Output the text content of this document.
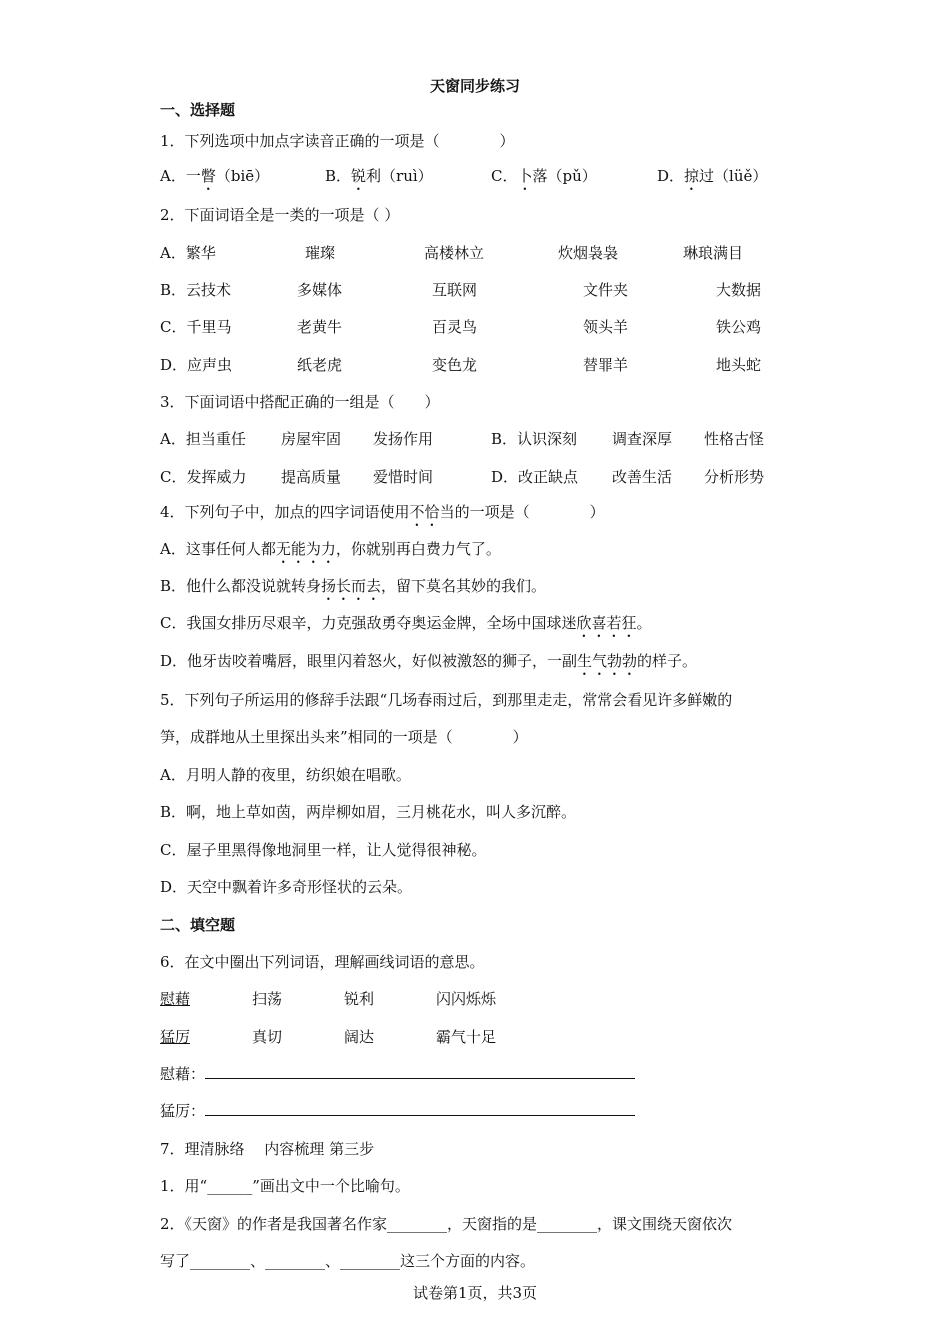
天窗同步练习
一、选择题
1．下列选项中加点字读音正确的一项是（　　　　）
A．一瞥（biē）	B．锐利（ruì）	C．卜落（pǔ）	D．掠过（lüě）
2．下面词语全是一类的一项是（ ）
A．繁华	璀璨	高楼林立	炊烟袅袅	琳琅满目
B．云技术	多媒体	互联网	文件夹	大数据
C．千里马	老黄牛	百灵鸟	领头羊	铁公鸡
D．应声虫	纸老虎	变色龙	替罪羊	地头蛇
3．下面词语中搭配正确的一组是（　　）
A．担当重任 房屋牢固 发扬作用	B．认识深刻 调查深厚 性格古怪
C．发挥威力 提高质量 爱惜时间	D．改正缺点 改善生活 分析形势
4．下列句子中，加点的四字词语使用不恰当的一项是（　　　　）
A．这事任何人都无能为力，你就别再白费力气了。
B．他什么都没说就转身扬长而去，留下莫名其妙的我们。
C．我国女排历尽艰辛，力克强敌勇夺奥运金牌，全场中国球迷欣喜若狂。
D．他牙齿咬着嘴唇，眼里闪着怒火，好似被激怒的狮子，一副生气勃勃的样子。
5．下列句子所运用的修辞手法跟“几场春雨过后，到那里走走，常常会看见许多鲜嫩的
笋，成群地从土里探出头来”相同的一项是（　　　　）
A．月明人静的夜里，纺织娘在唱歌。
B．啊，地上草如茵，两岸柳如眉，三月桃花水，叫人多沉醉。
C．屋子里黑得像地洞里一样，让人觉得很神秘。
D．天空中飘着许多奇形怪状的云朵。
二、填空题
6．在文中圈出下列词语，理解画线词语的意思。
慰藉	扫荡	锐利	闪闪烁烁
猛厉	真切	阔达	霸气十足
慰藉：
猛厉：
7．理清脉络　 内容梳理 第三步
1．用“______”画出文中一个比喻句。
2．《天窗》的作者是我国著名作家________，天窗指的是________，课文围绕天窗依次
写了________、________、________这三个方面的内容。
试卷第1页，共3页
